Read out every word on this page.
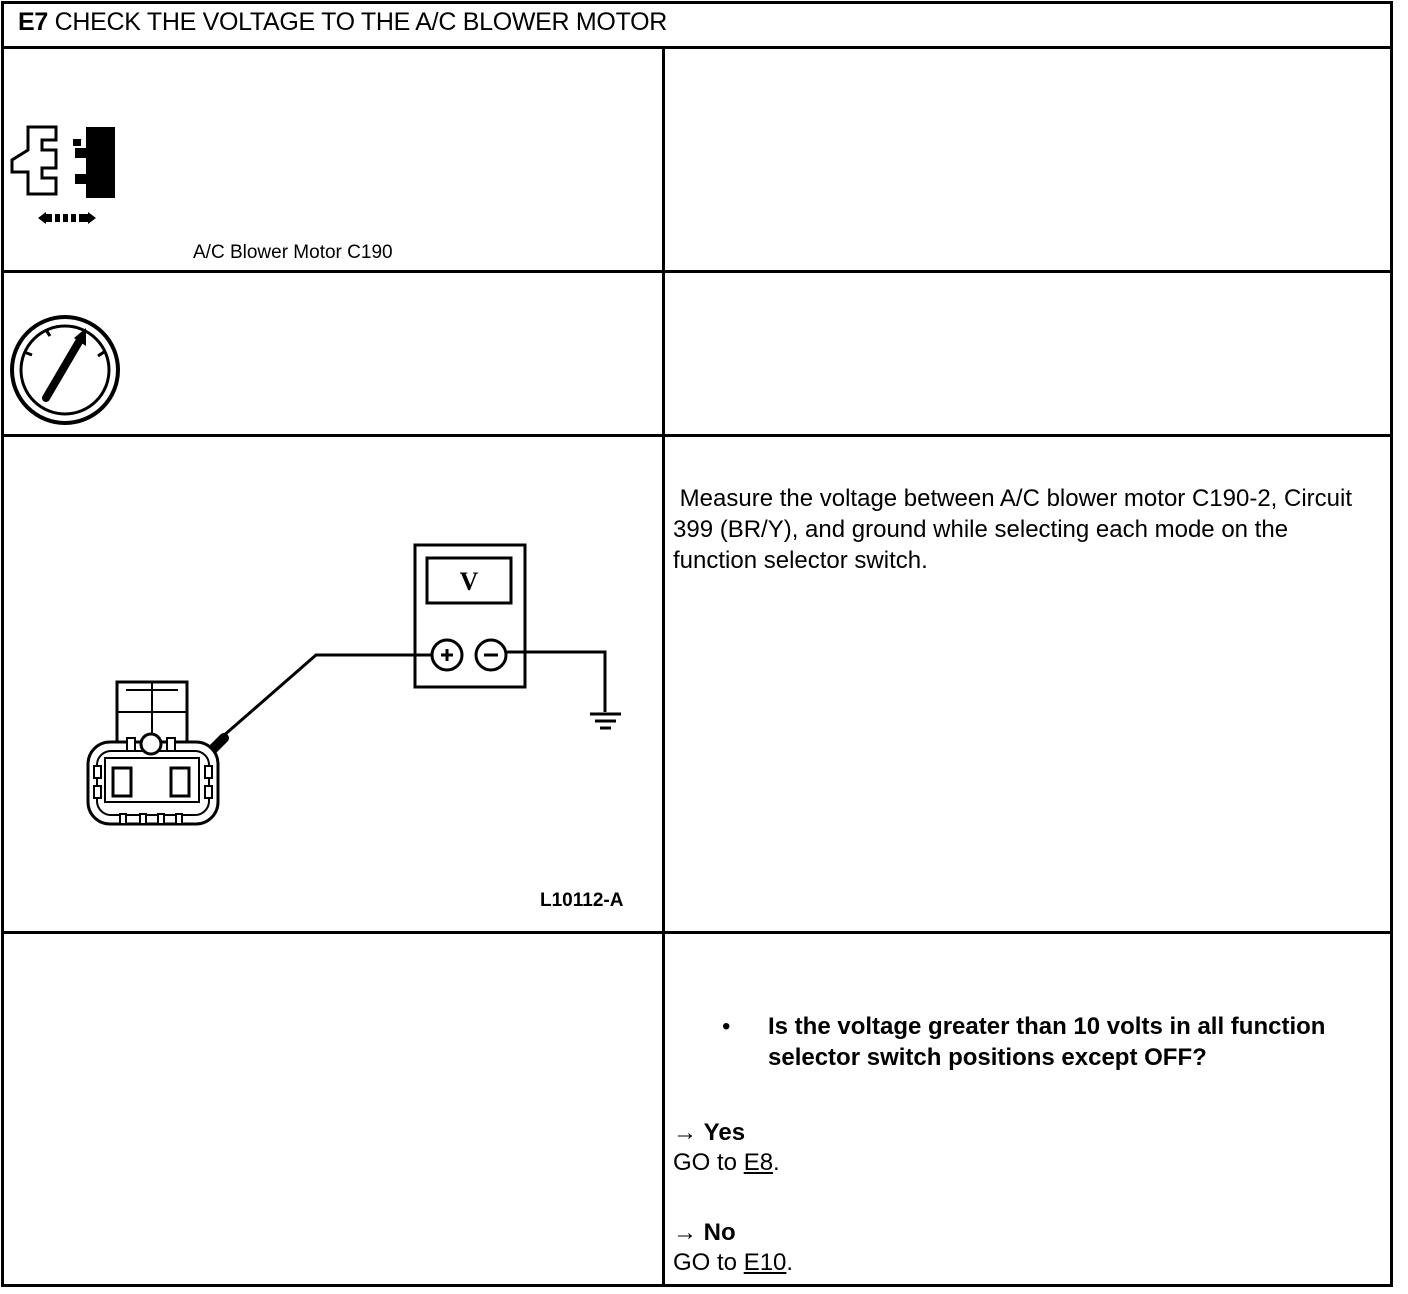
E7 CHECK THE VOLTAGE TO THE A/C BLOWER MOTOR
A/C Blower Motor C190
V
L10112-A
Measure the voltage between A/C blower motor C190-2, Circuit 399 (BR/Y), and ground while selecting each mode on the function selector switch.
• Is the voltage greater than 10 volts in all function selector switch positions except OFF?
→ Yes
GO to E8.
→ No
GO to E10.
